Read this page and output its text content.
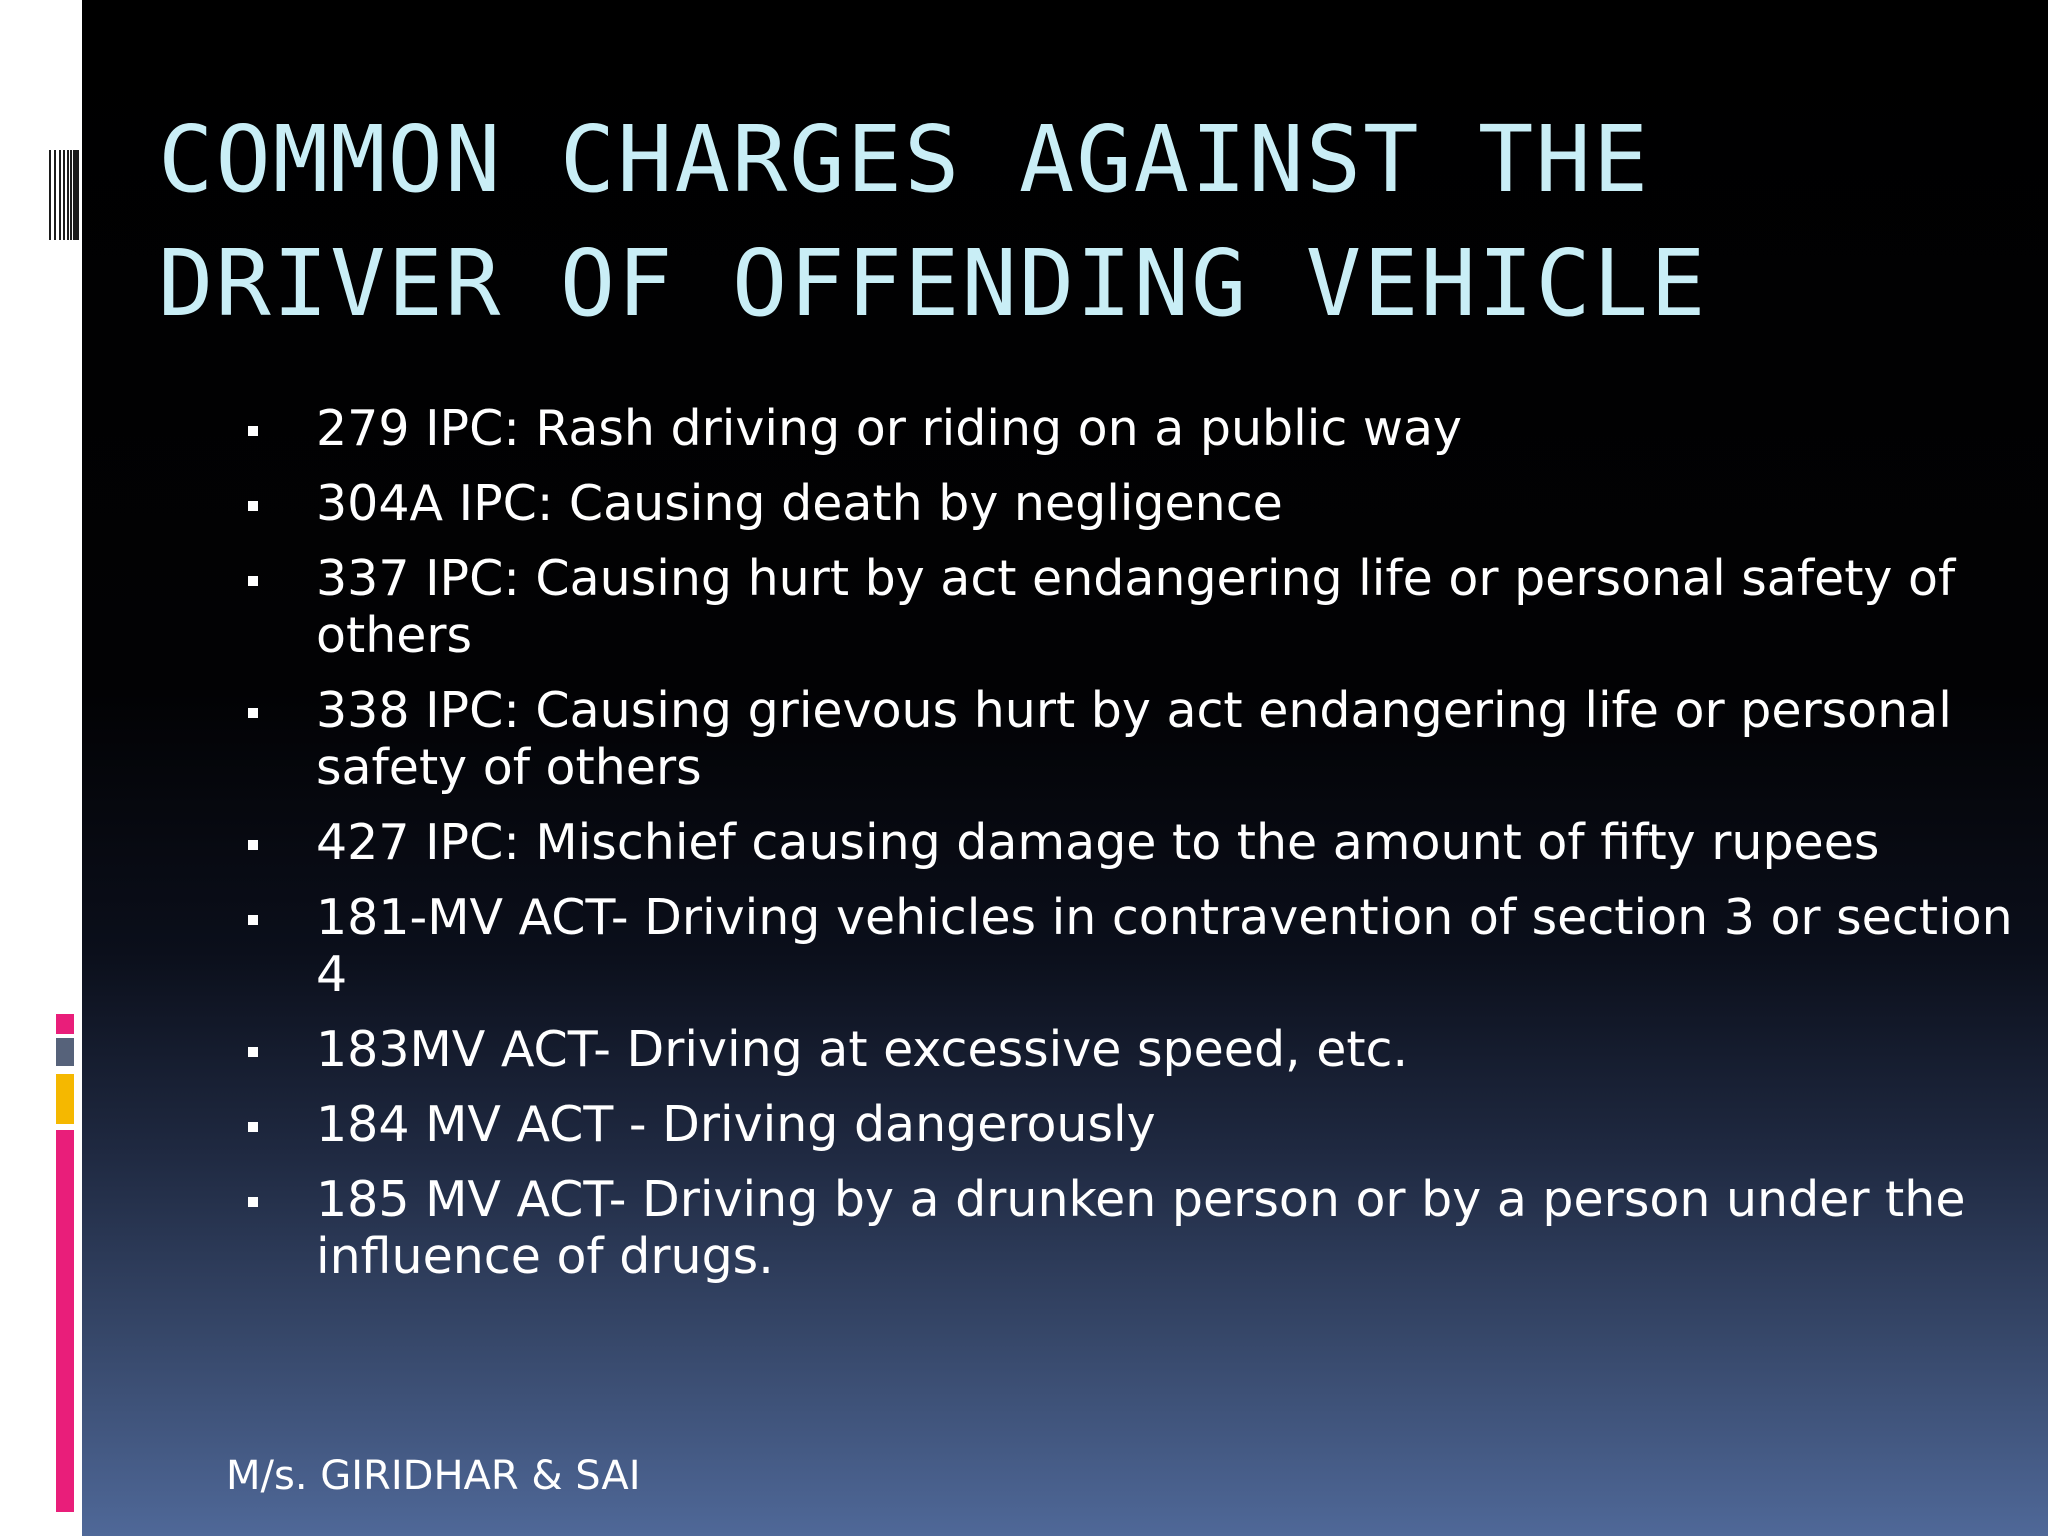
COMMON CHARGES AGAINST THE
DRIVER OF OFFENDING VEHICLE
279 IPC: Rash driving or riding on a public way
304A IPC: Causing death by negligence
337 IPC: Causing hurt by act endangering life or personal safety of others
338 IPC: Causing grievous hurt by act endangering life or personal safety of others
427 IPC: Mischief causing damage to the amount of fifty rupees
181-MV ACT- Driving vehicles in contravention of section 3 or section 4
183MV ACT- Driving at excessive speed, etc.
184 MV ACT - Driving dangerously
185 MV ACT- Driving by a drunken person or by a person under the influence of drugs.
M/s. GIRIDHAR & SAI
